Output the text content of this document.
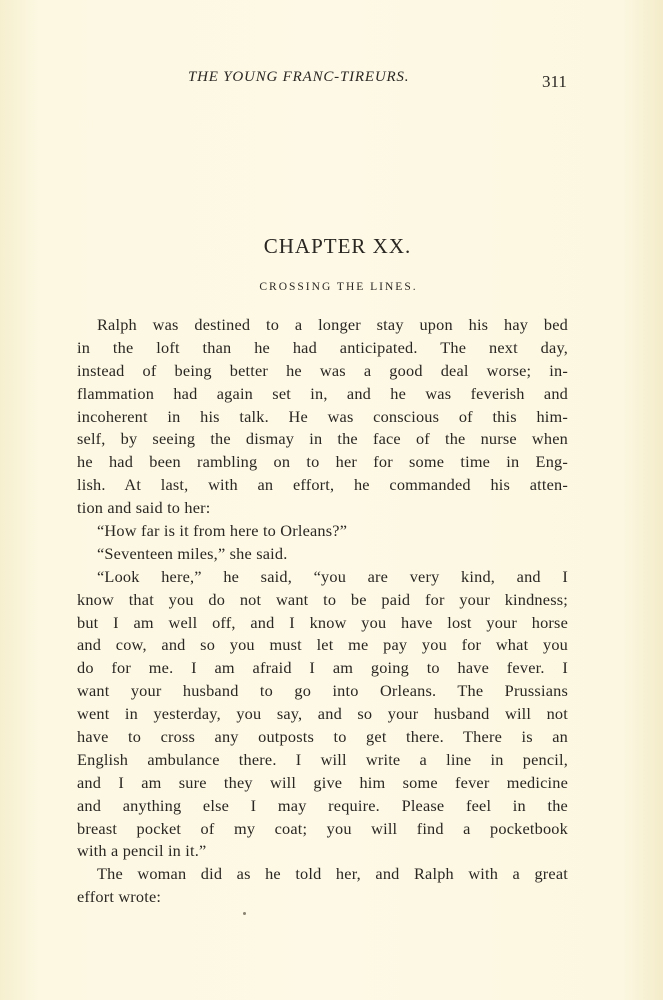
THE YOUNG FRANC-TIREURS.	311
CHAPTER XX.
CROSSING THE LINES.
Ralph was destined to a longer stay upon his hay bed
in the loft than he had anticipated. The next day,
instead of being better he was a good deal worse; in-
flammation had again set in, and he was feverish and
incoherent in his talk. He was conscious of this him-
self, by seeing the dismay in the face of the nurse when
he had been rambling on to her for some time in Eng-
lish. At last, with an effort, he commanded his atten-
tion and said to her:
“How far is it from here to Orleans?”
“Seventeen miles,” she said.
“Look here,” he said, “you are very kind, and I
know that you do not want to be paid for your kindness;
but I am well off, and I know you have lost your horse
and cow, and so you must let me pay you for what you
do for me. I am afraid I am going to have fever. I
want your husband to go into Orleans. The Prussians
went in yesterday, you say, and so your husband will not
have to cross any outposts to get there. There is an
English ambulance there. I will write a line in pencil,
and I am sure they will give him some fever medicine
and anything else I may require. Please feel in the
breast pocket of my coat; you will find a pocketbook
with a pencil in it.”
The woman did as he told her, and Ralph with a great
effort wrote:
